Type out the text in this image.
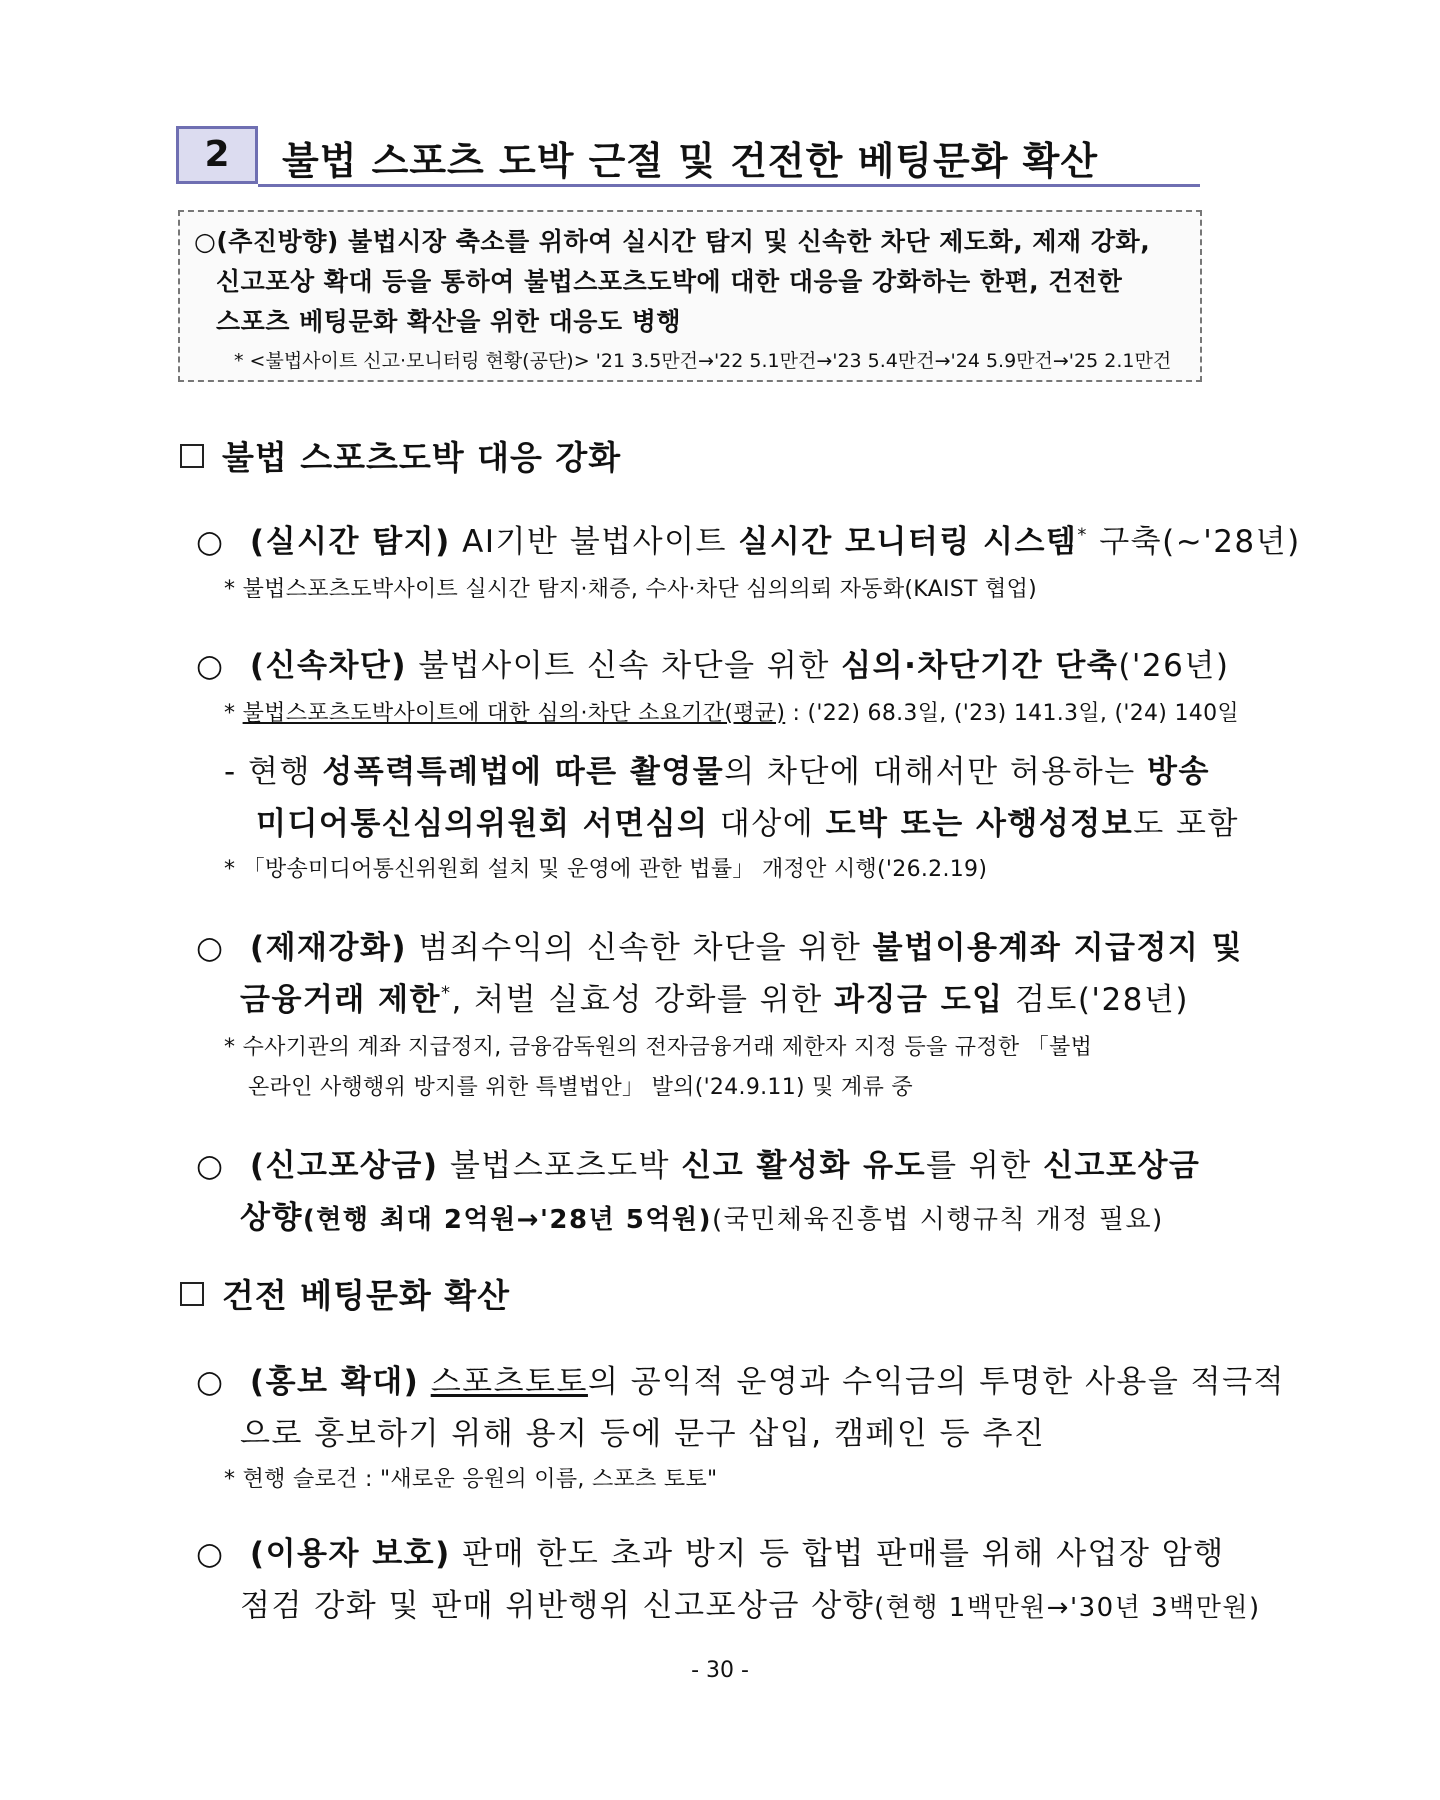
2	불법 스포츠 도박 근절 및 건전한 베팅문화 확산
○(추진방향) 불법시장 축소를 위하여 실시간 탐지 및 신속한 차단 제도화, 제재 강화,
신고포상 확대 등을 통하여 불법스포츠도박에 대한 대응을 강화하는 한편, 건전한
스포츠 베팅문화 확산을 위한 대응도 병행
* <불법사이트 신고·모니터링 현황(공단)> '21 3.5만건→'22 5.1만건→'23 5.4만건→'24 5.9만건→'25 2.1만건
불법 스포츠도박 대응 강화
○ (실시간 탐지) AI기반 불법사이트 실시간 모니터링 시스템* 구축(~'28년)
* 불법스포츠도박사이트 실시간 탐지·채증, 수사·차단 심의의뢰 자동화(KAIST 협업)
○ (신속차단) 불법사이트 신속 차단을 위한 심의·차단기간 단축('26년)
* 불법스포츠도박사이트에 대한 심의·차단 소요기간(평균) : ('22) 68.3일, ('23) 141.3일, ('24) 140일
- 현행 성폭력특례법에 따른 촬영물의 차단에 대해서만 허용하는 방송
미디어통신심의위원회 서면심의 대상에 도박 또는 사행성정보도 포함
* 「방송미디어통신위원회 설치 및 운영에 관한 법률」 개정안 시행('26.2.19)
○ (제재강화) 범죄수익의 신속한 차단을 위한 불법이용계좌 지급정지 및
금융거래 제한*, 처벌 실효성 강화를 위한 과징금 도입 검토('28년)
* 수사기관의 계좌 지급정지, 금융감독원의 전자금융거래 제한자 지정 등을 규정한 「불법
온라인 사행행위 방지를 위한 특별법안」 발의('24.9.11) 및 계류 중
○ (신고포상금) 불법스포츠도박 신고 활성화 유도를 위한 신고포상금
상향(현행 최대 2억원→'28년 5억원)(국민체육진흥법 시행규칙 개정 필요)
건전 베팅문화 확산
○ (홍보 확대) 스포츠토토의 공익적 운영과 수익금의 투명한 사용을 적극적
으로 홍보하기 위해 용지 등에 문구 삽입, 캠페인 등 추진
* 현행 슬로건 : "새로운 응원의 이름, 스포츠 토토"
○ (이용자 보호) 판매 한도 초과 방지 등 합법 판매를 위해 사업장 암행
점검 강화 및 판매 위반행위 신고포상금 상향(현행 1백만원→'30년 3백만원)
- 30 -
